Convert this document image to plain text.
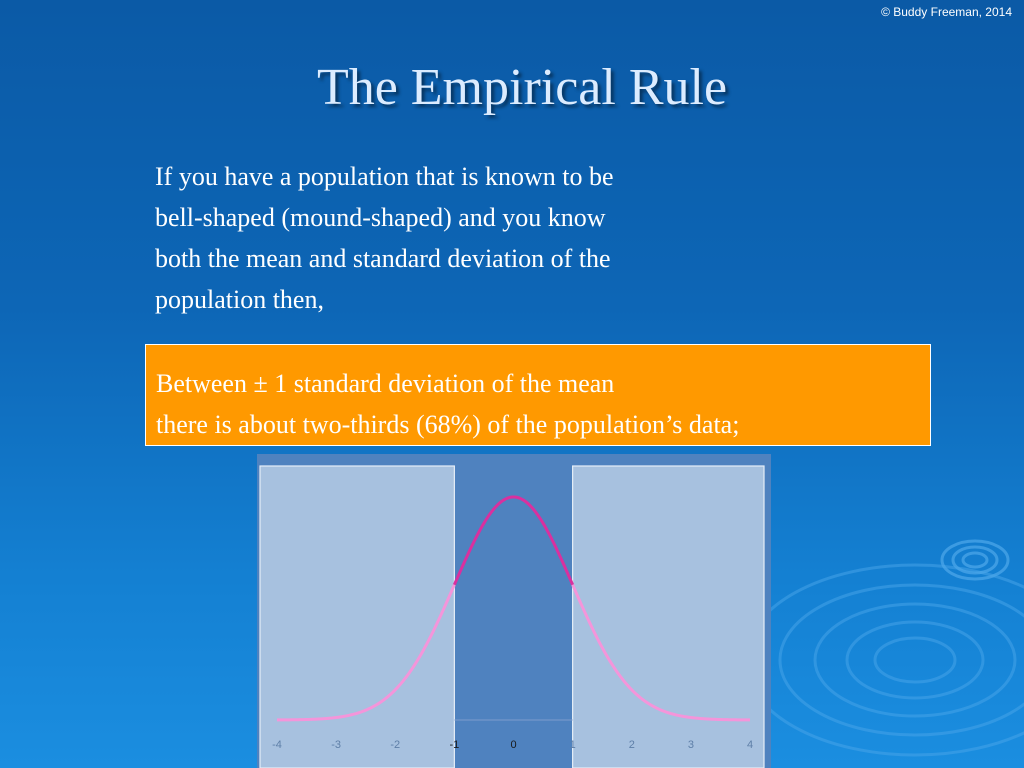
© Buddy Freeman, 2014
The Empirical Rule
If you have a population that is known to be
bell-shaped (mound-shaped) and you know
both the mean and standard deviation of the
population then,
Between ± 1 standard deviation of the mean
there is about two-thirds (68%) of the population’s data;
-4	-3	-2	-1	0	1	2	3	4
